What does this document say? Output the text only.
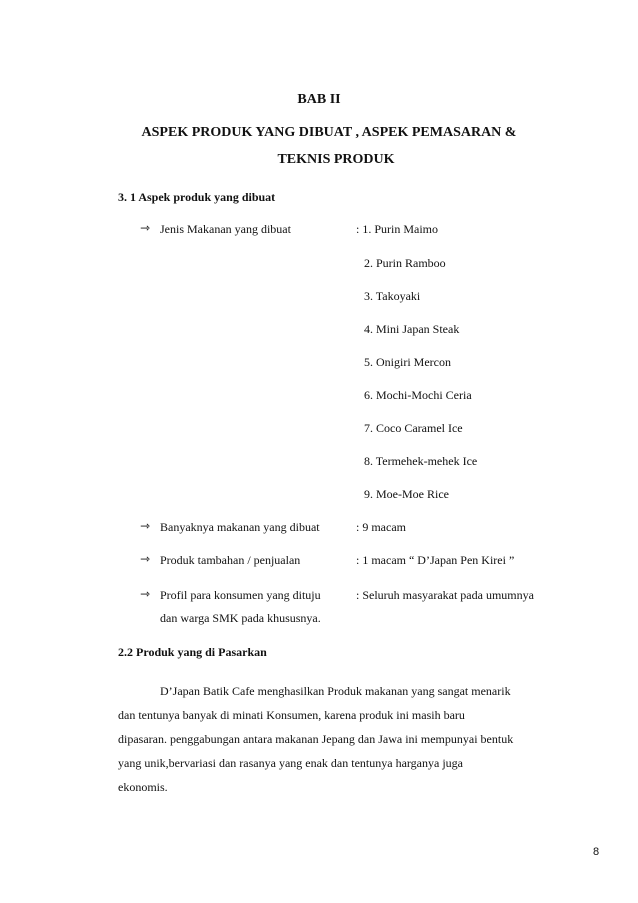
BAB II
ASPEK PRODUK YANG DIBUAT , ASPEK PEMASARAN &
TEKNIS PRODUK
3. 1 Aspek produk yang dibuat
⇾ Jenis Makanan yang dibuat	: 1. Purin Maimo
2. Purin Ramboo
3. Takoyaki
4. Mini Japan Steak
5. Onigiri Mercon
6. Mochi-Mochi Ceria
7. Coco Caramel Ice
8. Termehek-mehek Ice
9. Moe-Moe Rice
⇾ Banyaknya makanan yang dibuat	: 9 macam
⇾ Produk tambahan / penjualan	: 1 macam “ D’Japan Pen Kirei ”
⇾ Profil para konsumen yang dituju	: Seluruh masyarakat pada umumnya
dan warga SMK pada khususnya.
2.2 Produk yang di Pasarkan
D’Japan Batik Cafe menghasilkan Produk makanan yang sangat menarik
dan tentunya banyak di minati Konsumen, karena produk ini masih baru
dipasaran. penggabungan antara makanan Jepang dan Jawa ini mempunyai bentuk
yang unik,bervariasi dan rasanya yang enak dan tentunya harganya juga
ekonomis.
8
